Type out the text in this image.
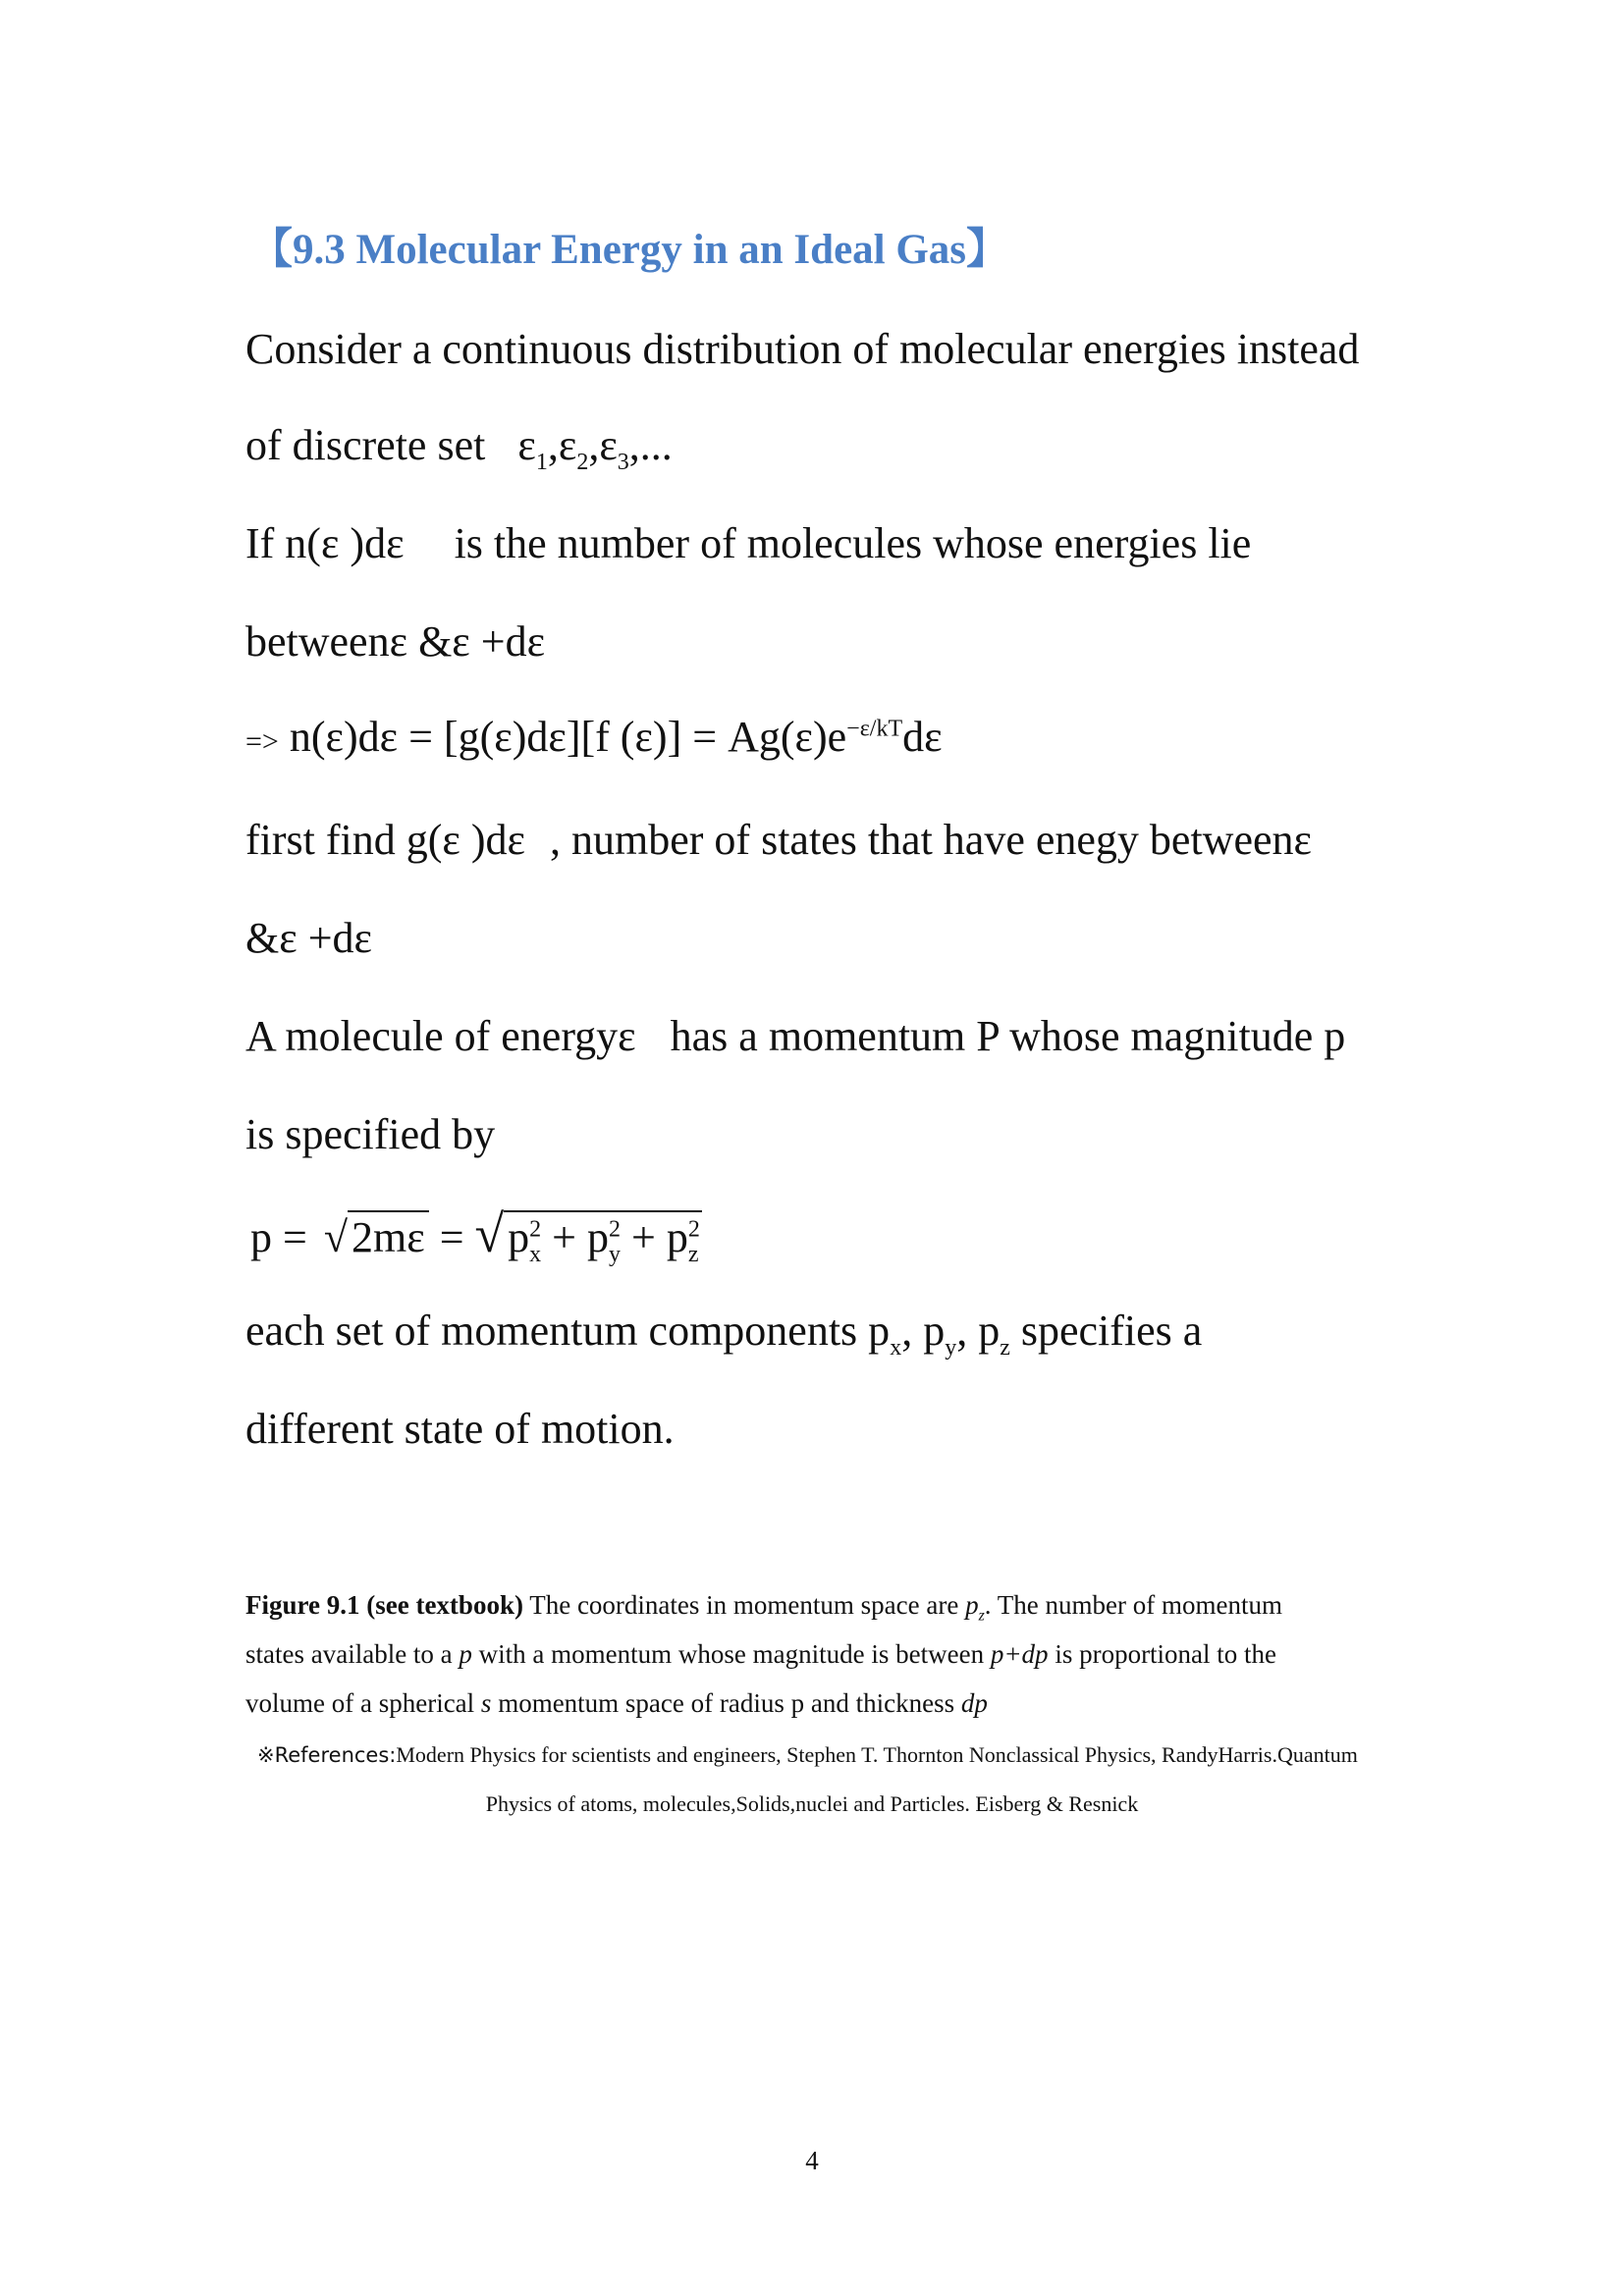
【9.3 Molecular Energy in an Ideal Gas】
Consider a continuous distribution of molecular energies instead
of discrete set $\varepsilon_1,\varepsilon_2,\varepsilon_3$,...
If n(ε )dε is the number of molecules whose energies lie
betweenε &ε +dε
=> n(ε)dε = [g(ε)dε][f $(\varepsilon)] = Ag(\varepsilon)e^{-\varepsilon/kT}d\varepsilon$
first find g(ε )dε , number of states that have enegy betweenε
&ε +dε
A molecule of energyε has a momentum P whose magnitude p
is specified by
$p = √2m\varepsilon = √p^2_x + p^2_y + p^2_z$
each set of momentum components $p_x$, $p_y$, $p_z$ specifies a
different state of motion.
Figure 9.1 (see textbook) The coordinates in momentum space are $p_z$. The number of momentum
states available to a p with a momentum whose magnitude is between p+dp is proportional to the
volume of a spherical s momentum space of radius p and thickness dp
※References:Modern Physics for scientists and engineers, Stephen T. Thornton Nonclassical Physics, RandyHarris.Quantum
Physics of atoms, molecules,Solids,nuclei and Particles. Eisberg & Resnick
4
